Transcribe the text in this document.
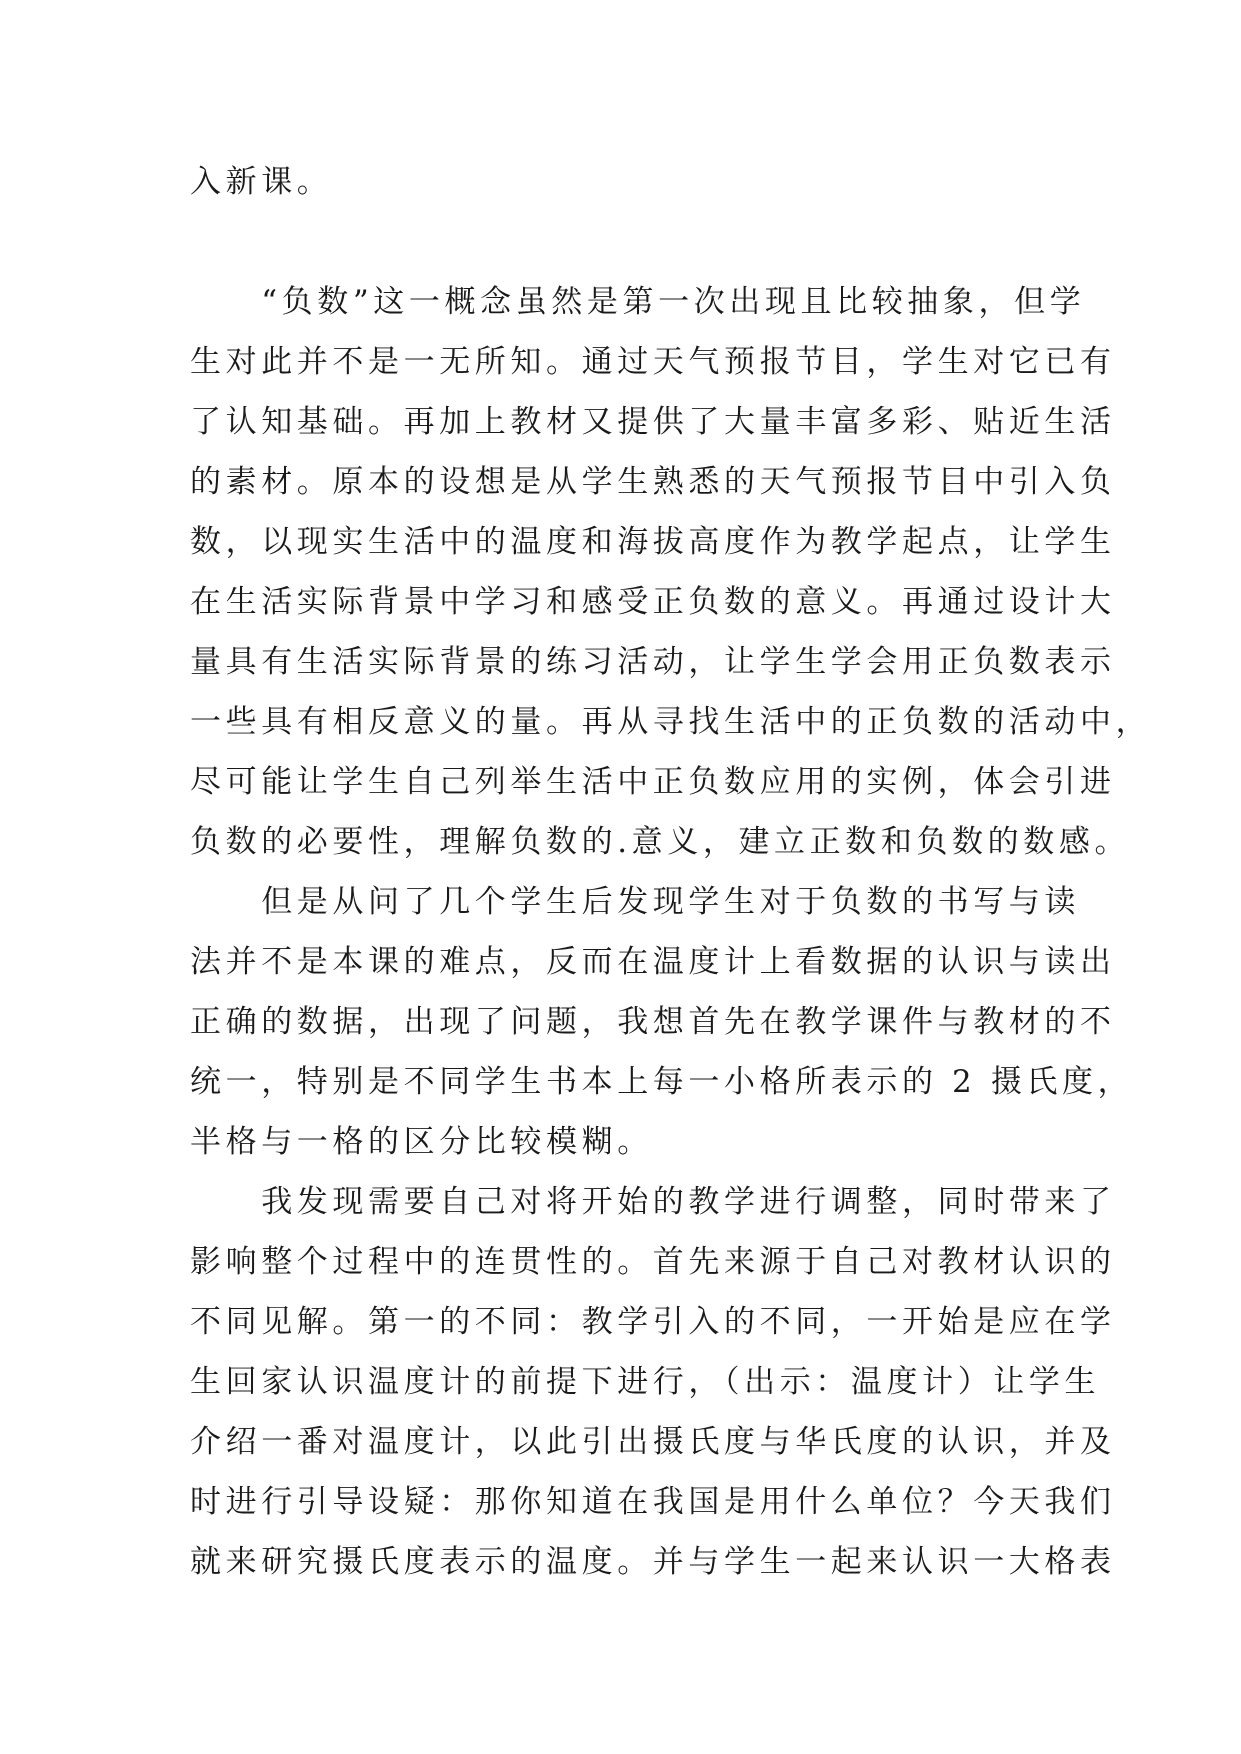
入新课。
　　“负数”这一概念虽然是第一次出现且比较抽象，但学
生对此并不是一无所知。通过天气预报节目，学生对它已有
了认知基础。再加上教材又提供了大量丰富多彩、贴近生活
的素材。原本的设想是从学生熟悉的天气预报节目中引入负
数，以现实生活中的温度和海拔高度作为教学起点，让学生
在生活实际背景中学习和感受正负数的意义。再通过设计大
量具有生活实际背景的练习活动，让学生学会用正负数表示
一些具有相反意义的量。再从寻找生活中的正负数的活动中，
尽可能让学生自己列举生活中正负数应用的实例，体会引进
负数的必要性，理解负数的.意义，建立正数和负数的数感。
　　但是从问了几个学生后发现学生对于负数的书写与读
法并不是本课的难点，反而在温度计上看数据的认识与读出
正确的数据，出现了问题，我想首先在教学课件与教材的不
统一，特别是不同学生书本上每一小格所表示的 2 摄氏度，
半格与一格的区分比较模糊。
　　我发现需要自己对将开始的教学进行调整，同时带来了
影响整个过程中的连贯性的。首先来源于自己对教材认识的
不同见解。第一的不同：教学引入的不同，一开始是应在学
生回家认识温度计的前提下进行，（出示：温度计）让学生
介绍一番对温度计，以此引出摄氏度与华氏度的认识，并及
时进行引导设疑：那你知道在我国是用什么单位？今天我们
就来研究摄氏度表示的温度。并与学生一起来认识一大格表
